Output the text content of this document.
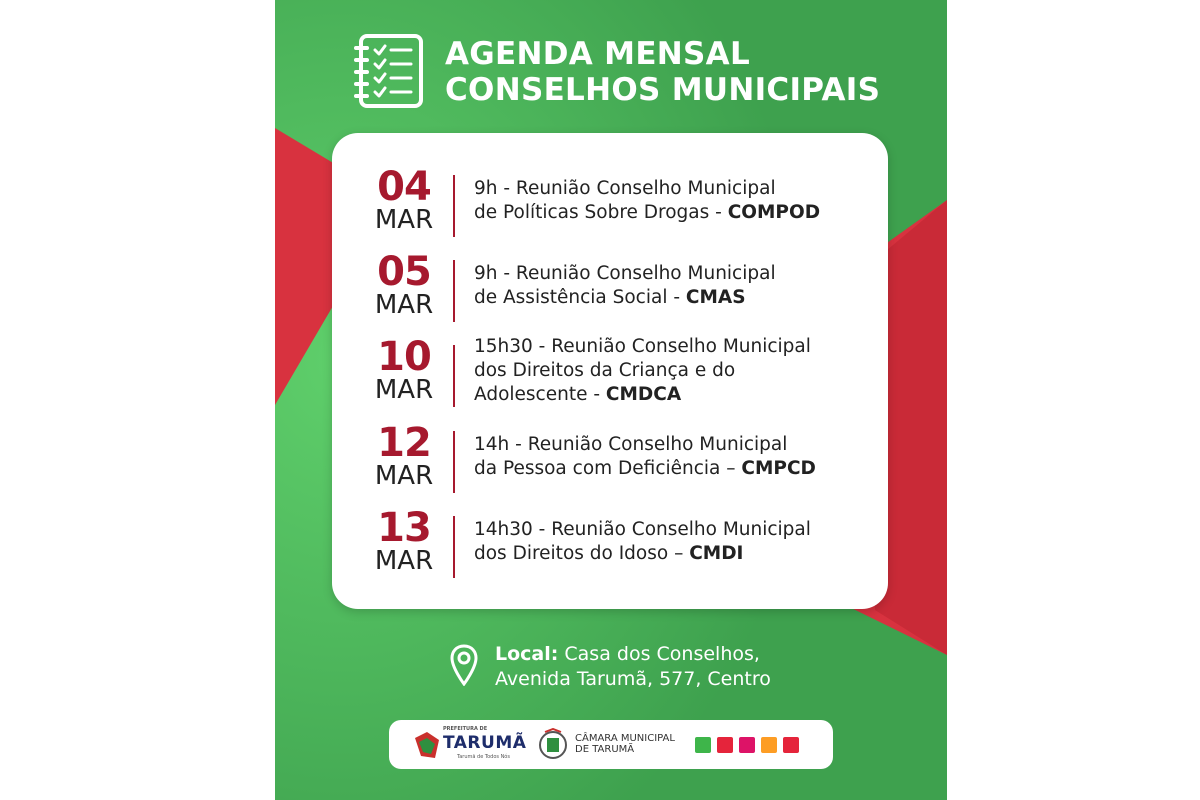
AGENDA MENSAL
CONSELHOS MUNICIPAIS
04
MAR
9h - Reunião Conselho Municipal
de Políticas Sobre Drogas - COMPOD
05
MAR
9h - Reunião Conselho Municipal
de Assistência Social - CMAS
10
MAR
15h30 - Reunião Conselho Municipal
dos Direitos da Criança e do
Adolescente - CMDCA
12
MAR
14h - Reunião Conselho Municipal
da Pessoa com Deficiência – CMPCD
13
MAR
14h30 - Reunião Conselho Municipal
dos Direitos do Idoso – CMDI
Local: Casa dos Conselhos,
Avenida Tarumã, 577, Centro
PREFEITURA DE
TARUMÃ
Tarumã de Todos Nós
CÂMARA MUNICIPAL
DE TARUMÃ
